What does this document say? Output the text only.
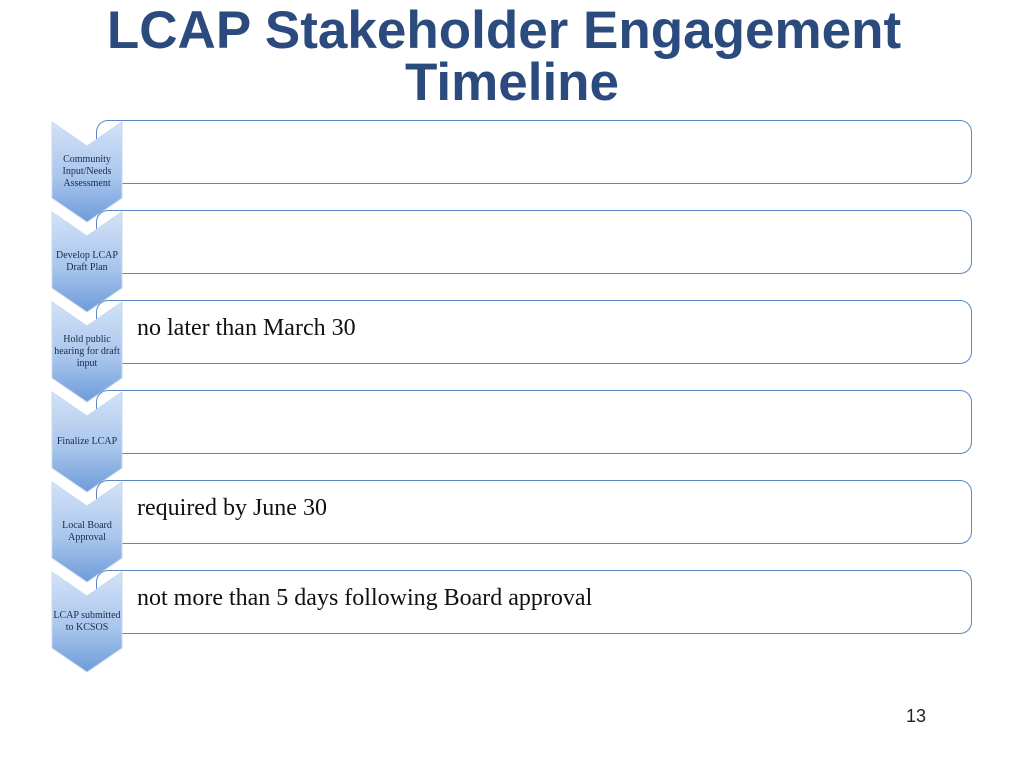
LCAP Stakeholder Engagement
Timeline
Community Input/Needs Assessment
Develop LCAP Draft Plan
• no later than March 30
Hold public hearing for draft input
Finalize LCAP
• required by June 30
Local Board Approval
• not more than 5 days following Board approval
LCAP submitted to KCSOS
13
